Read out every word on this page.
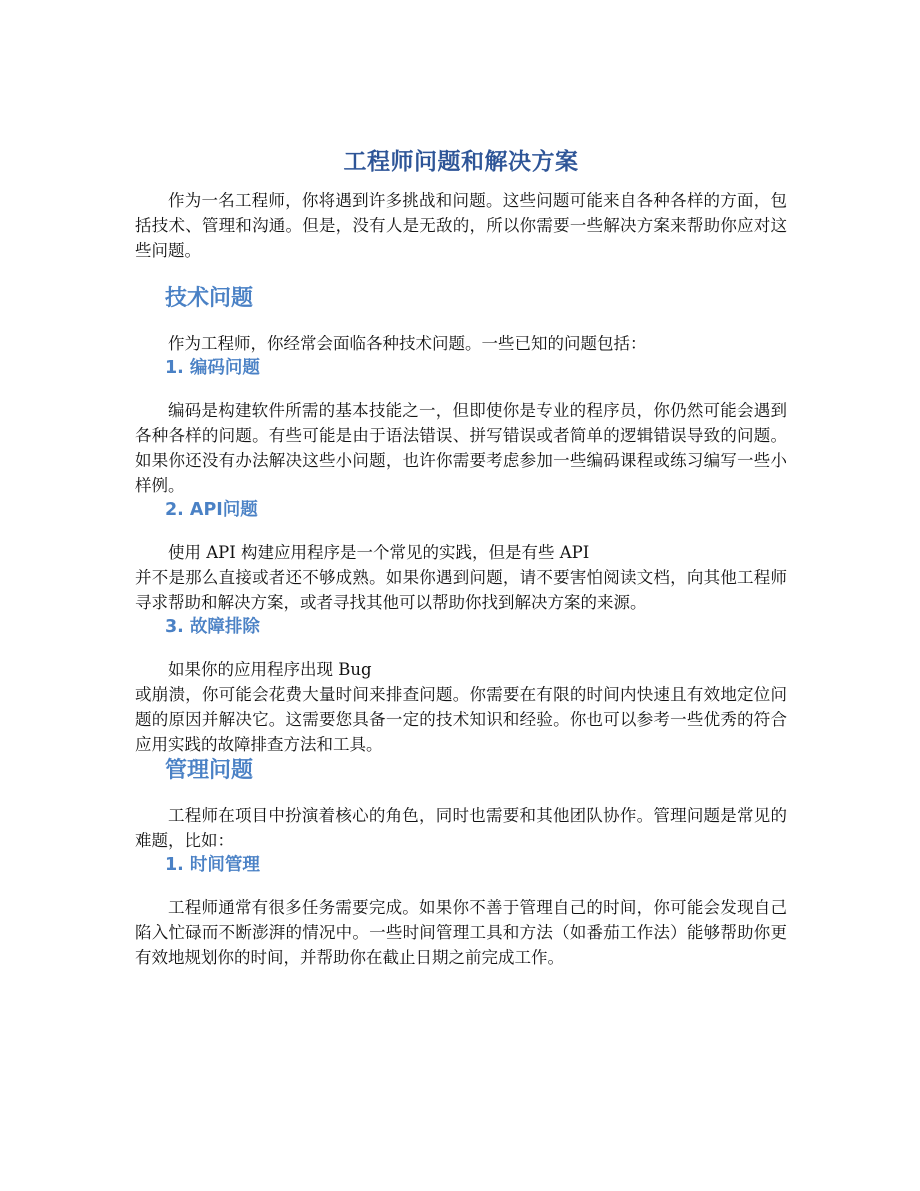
工程师问题和解决方案

作为一名工程师，你将遇到许多挑战和问题。这些问题可能来自各种各样的方面，包括技术、管理和沟通。但是，没有人是无敌的，所以你需要一些解决方案来帮助你应对这些问题。

技术问题

作为工程师，你经常会面临各种技术问题。一些已知的问题包括：

1. 编码问题

编码是构建软件所需的基本技能之一，但即使你是专业的程序员，你仍然可能会遇到各种各样的问题。有些可能是由于语法错误、拼写错误或者简单的逻辑错误导致的问题。如果你还没有办法解决这些小问题，也许你需要考虑参加一些编码课程或练习编写一些小样例。

2. API问题

使用 API 构建应用程序是一个常见的实践，但是有些 API

并不是那么直接或者还不够成熟。如果你遇到问题，请不要害怕阅读文档，向其他工程师寻求帮助和解决方案，或者寻找其他可以帮助你找到解决方案的来源。

3. 故障排除

如果你的应用程序出现 Bug

或崩溃，你可能会花费大量时间来排查问题。你需要在有限的时间内快速且有效地定位问题的原因并解决它。这需要您具备一定的技术知识和经验。你也可以参考一些优秀的符合应用实践的故障排查方法和工具。

管理问题

工程师在项目中扮演着核心的角色，同时也需要和其他团队协作。管理问题是常见的难题，比如：

1. 时间管理

工程师通常有很多任务需要完成。如果你不善于管理自己的时间，你可能会发现自己陷入忙碌而不断澎湃的情况中。一些时间管理工具和方法（如番茄工作法）能够帮助你更有效地规划你的时间，并帮助你在截止日期之前完成工作。
